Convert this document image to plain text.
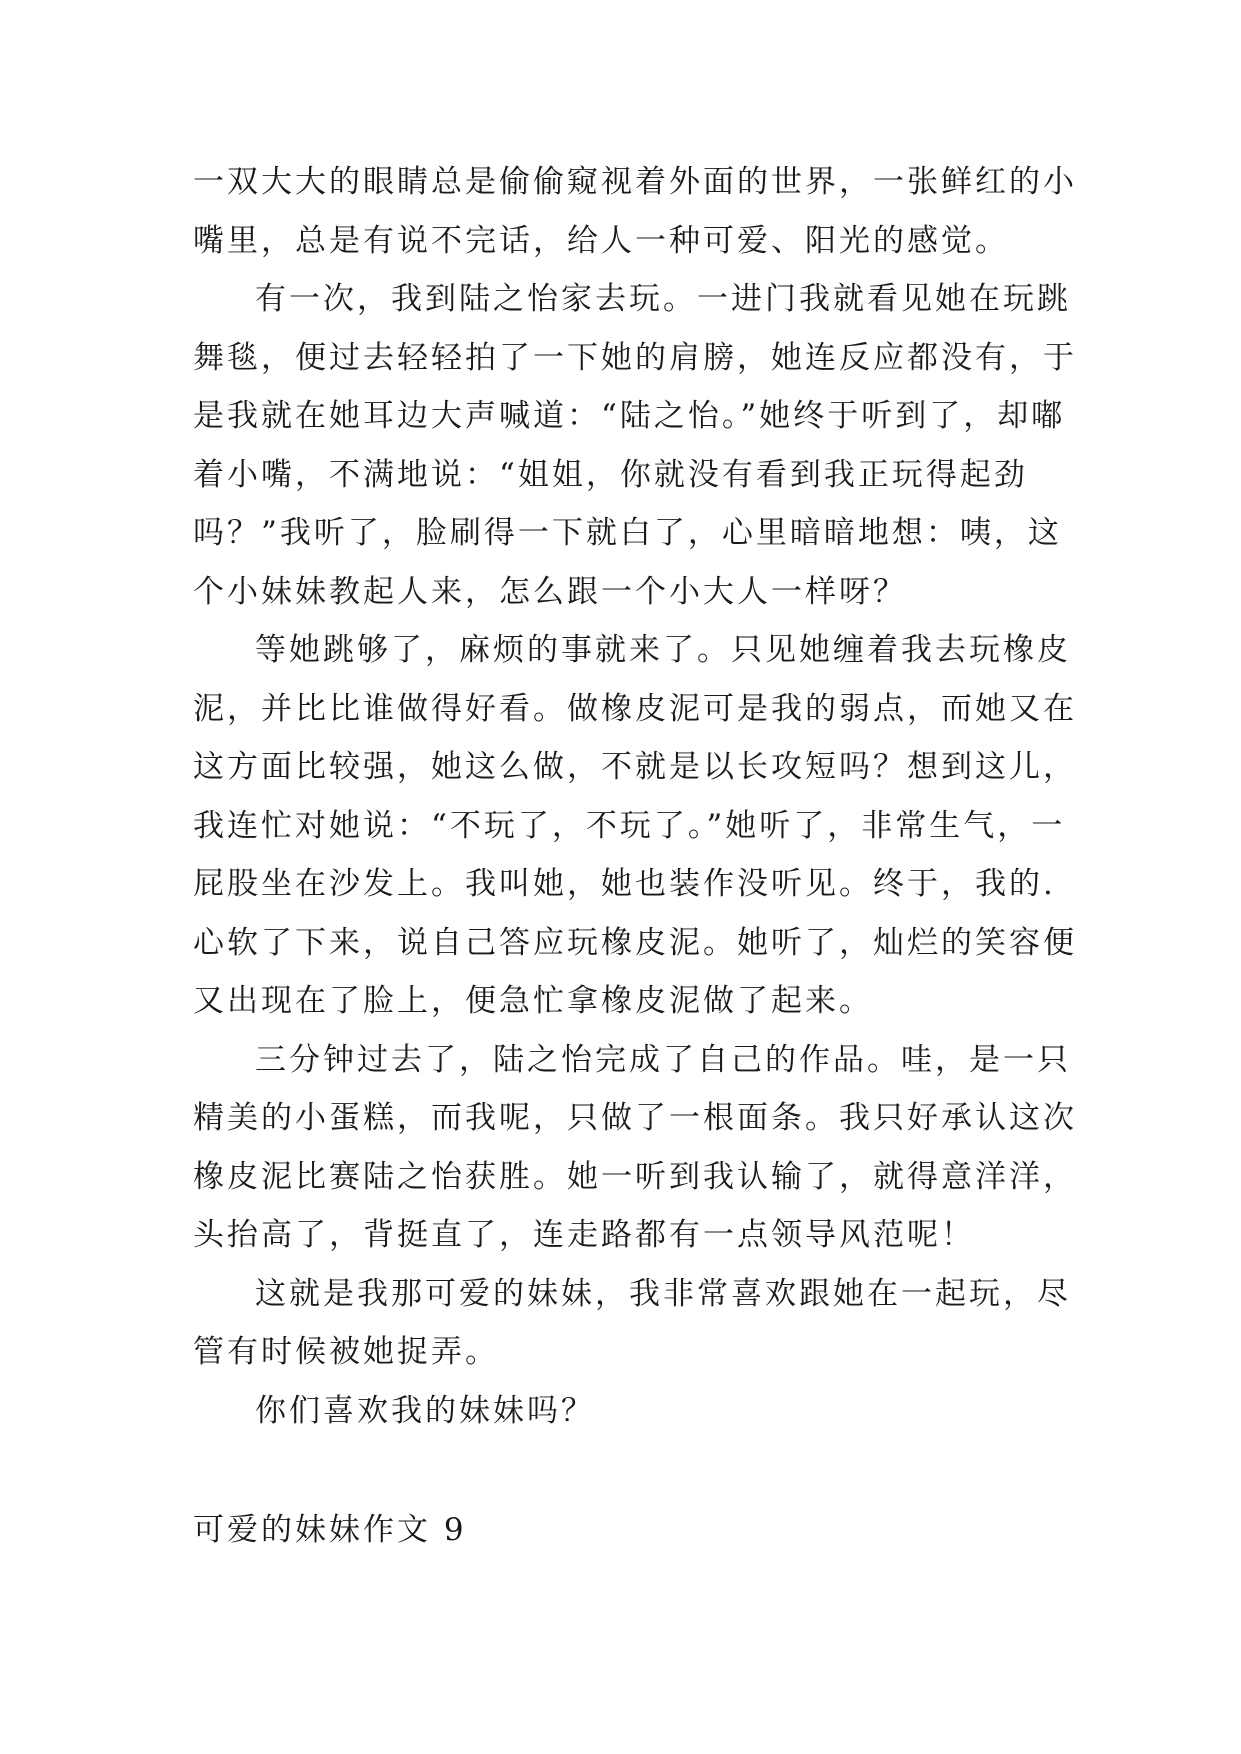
一双大大的眼睛总是偷偷窥视着外面的世界，一张鲜红的小
嘴里，总是有说不完话，给人一种可爱、阳光的感觉。
有一次，我到陆之怡家去玩。一进门我就看见她在玩跳
舞毯，便过去轻轻拍了一下她的肩膀，她连反应都没有，于
是我就在她耳边大声喊道：“陆之怡。”她终于听到了，却嘟
着小嘴，不满地说：“姐姐，你就没有看到我正玩得起劲
吗？”我听了，脸刷得一下就白了，心里暗暗地想：咦，这
个小妹妹教起人来，怎么跟一个小大人一样呀？
等她跳够了，麻烦的事就来了。只见她缠着我去玩橡皮
泥，并比比谁做得好看。做橡皮泥可是我的弱点，而她又在
这方面比较强，她这么做，不就是以长攻短吗？想到这儿，
我连忙对她说：“不玩了，不玩了。”她听了，非常生气，一
屁股坐在沙发上。我叫她，她也装作没听见。终于，我的.
心软了下来，说自己答应玩橡皮泥。她听了，灿烂的笑容便
又出现在了脸上，便急忙拿橡皮泥做了起来。
三分钟过去了，陆之怡完成了自己的作品。哇，是一只
精美的小蛋糕，而我呢，只做了一根面条。我只好承认这次
橡皮泥比赛陆之怡获胜。她一听到我认输了，就得意洋洋，
头抬高了，背挺直了，连走路都有一点领导风范呢！
这就是我那可爱的妹妹，我非常喜欢跟她在一起玩，尽
管有时候被她捉弄。
你们喜欢我的妹妹吗？
可爱的妹妹作文 9
